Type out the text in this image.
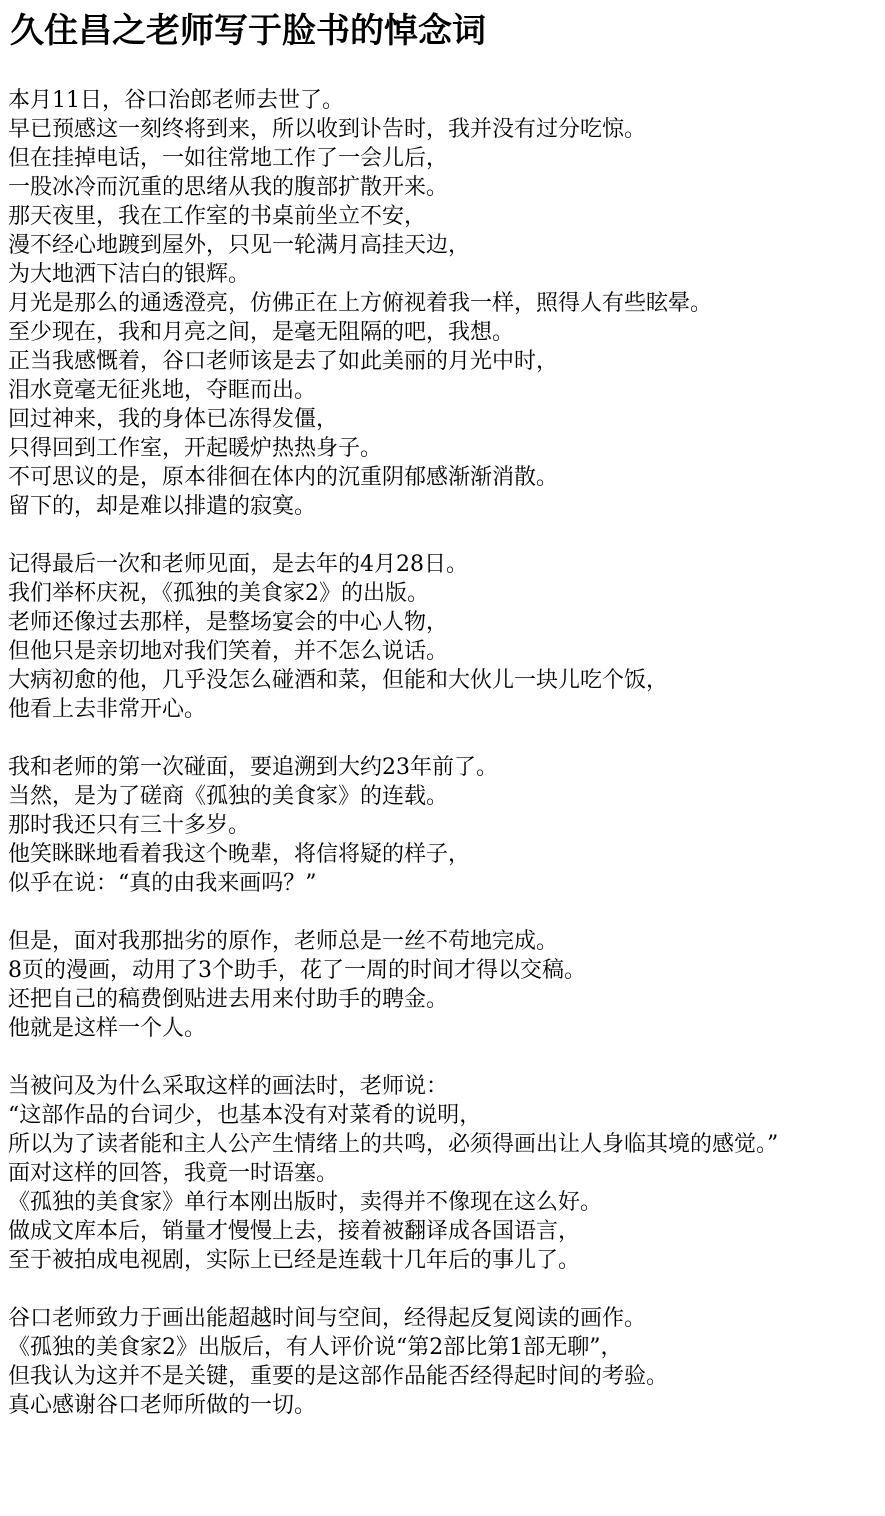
久住昌之老师写于脸书的悼念词
本月11日，谷口治郎老师去世了。
早已预感这一刻终将到来，所以收到讣告时，我并没有过分吃惊。
但在挂掉电话，一如往常地工作了一会儿后，
一股冰冷而沉重的思绪从我的腹部扩散开来。
那天夜里，我在工作室的书桌前坐立不安，
漫不经心地踱到屋外，只见一轮满月高挂天边，
为大地洒下洁白的银辉。
月光是那么的通透澄亮，仿佛正在上方俯视着我一样，照得人有些眩晕。
至少现在，我和月亮之间，是毫无阻隔的吧，我想。
正当我感慨着，谷口老师该是去了如此美丽的月光中时，
泪水竟毫无征兆地，夺眶而出。
回过神来，我的身体已冻得发僵，
只得回到工作室，开起暖炉热热身子。
不可思议的是，原本徘徊在体内的沉重阴郁感渐渐消散。
留下的，却是难以排遣的寂寞。
记得最后一次和老师见面，是去年的4月28日。
我们举杯庆祝，《孤独的美食家2》的出版。
老师还像过去那样，是整场宴会的中心人物，
但他只是亲切地对我们笑着，并不怎么说话。
大病初愈的他，几乎没怎么碰酒和菜，但能和大伙儿一块儿吃个饭，
他看上去非常开心。
我和老师的第一次碰面，要追溯到大约23年前了。
当然，是为了磋商《孤独的美食家》的连载。
那时我还只有三十多岁。
他笑眯眯地看着我这个晚辈，将信将疑的样子，
似乎在说：“真的由我来画吗？”
但是，面对我那拙劣的原作，老师总是一丝不苟地完成。
8页的漫画，动用了3个助手，花了一周的时间才得以交稿。
还把自己的稿费倒贴进去用来付助手的聘金。
他就是这样一个人。
当被问及为什么采取这样的画法时，老师说：
“这部作品的台词少，也基本没有对菜肴的说明，
所以为了读者能和主人公产生情绪上的共鸣，必须得画出让人身临其境的感觉。”
面对这样的回答，我竟一时语塞。
《孤独的美食家》单行本刚出版时，卖得并不像现在这么好。
做成文库本后，销量才慢慢上去，接着被翻译成各国语言，
至于被拍成电视剧，实际上已经是连载十几年后的事儿了。
谷口老师致力于画出能超越时间与空间，经得起反复阅读的画作。
《孤独的美食家2》出版后，有人评价说“第2部比第1部无聊”，
但我认为这并不是关键，重要的是这部作品能否经得起时间的考验。
真心感谢谷口老师所做的一切。
